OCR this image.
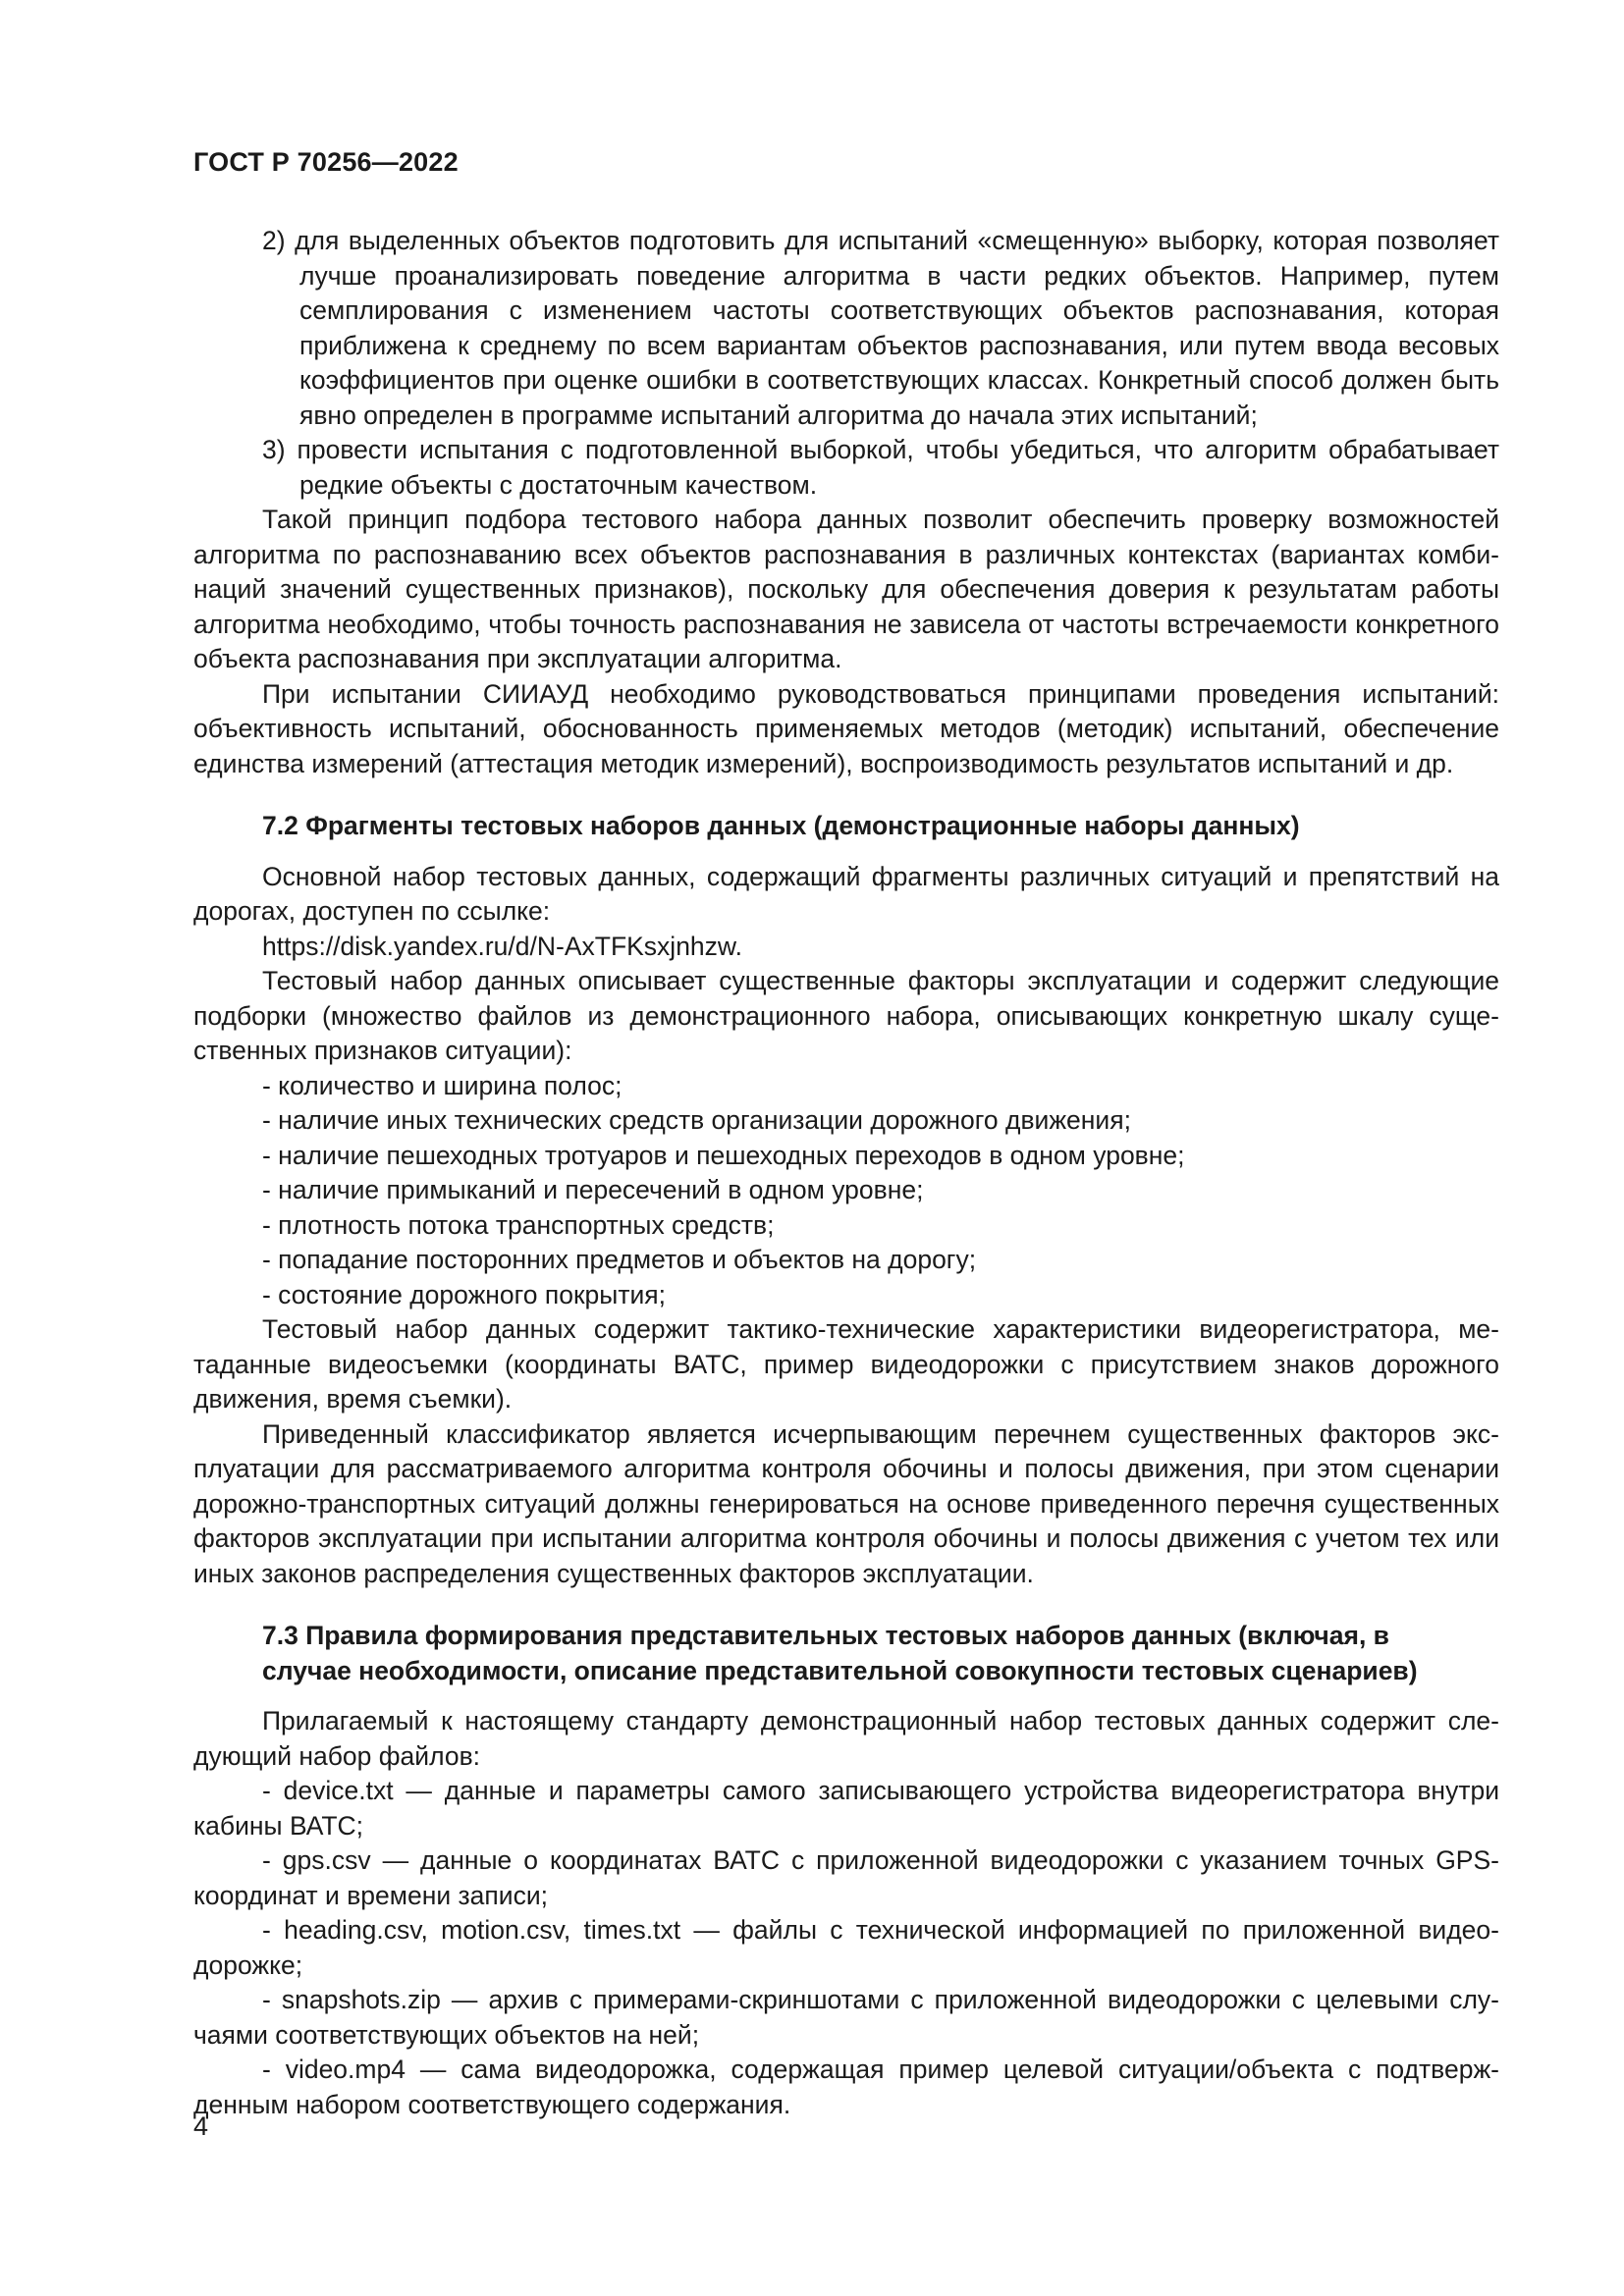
ГОСТ Р 70256—2022

2) для выделенных объектов подготовить для испытаний «смещенную» выборку, которая позволяет лучше проанализировать поведение алгоритма в части редких объектов. Например, путем семплирования с изменением частоты соответствующих объектов распознавания, которая приближена к среднему по всем вариантам объектов распознавания, или путем ввода весовых коэффициентов при оценке ошибки в соответствующих классах. Конкретный способ должен быть явно определен в программе испытаний алгоритма до начала этих испытаний;

3) провести испытания с подготовленной выборкой, чтобы убедиться, что алгоритм обрабатывает редкие объекты с достаточным качеством.

Такой принцип подбора тестового набора данных позволит обеспечить проверку возможностей алгоритма по распознаванию всех объектов распознавания в различных контекстах (вариантах комбинаций значений существенных признаков), поскольку для обеспечения доверия к результатам работы алгоритма необходимо, чтобы точность распознавания не зависела от частоты встречаемости конкретного объекта распознавания при эксплуатации алгоритма.

При испытании СИИАУД необходимо руководствоваться принципами проведения испытаний: объективность испытаний, обоснованность применяемых методов (методик) испытаний, обеспечение единства измерений (аттестация методик измерений), воспроизводимость результатов испытаний и др.

7.2 Фрагменты тестовых наборов данных (демонстрационные наборы данных)

Основной набор тестовых данных, содержащий фрагменты различных ситуаций и препятствий на дорогах, доступен по ссылке:

https://disk.yandex.ru/d/N-AxTFKsxjnhzw.

Тестовый набор данных описывает существенные факторы эксплуатации и содержит следующие подборки (множество файлов из демонстрационного набора, описывающих конкретную шкалу существенных признаков ситуации):

- количество и ширина полос;

- наличие иных технических средств организации дорожного движения;

- наличие пешеходных тротуаров и пешеходных переходов в одном уровне;

- наличие примыканий и пересечений в одном уровне;

- плотность потока транспортных средств;

- попадание посторонних предметов и объектов на дорогу;

- состояние дорожного покрытия;

Тестовый набор данных содержит тактико-технические характеристики видеорегистратора, метаданные видеосъемки (координаты ВАТС, пример видеодорожки с присутствием знаков дорожного движения, время съемки).

Приведенный классификатор является исчерпывающим перечнем существенных факторов эксплуатации для рассматриваемого алгоритма контроля обочины и полосы движения, при этом сценарии дорожно-транспортных ситуаций должны генерироваться на основе приведенного перечня существенных факторов эксплуатации при испытании алгоритма контроля обочины и полосы движения с учетом тех или иных законов распределения существенных факторов эксплуатации.

7.3 Правила формирования представительных тестовых наборов данных (включая, в
случае необходимости, описание представительной совокупности тестовых сценариев)

Прилагаемый к настоящему стандарту демонстрационный набор тестовых данных содержит следующий набор файлов:

- device.txt — данные и параметры самого записывающего устройства видеорегистратора внутри кабины ВАТС;

- gps.csv — данные о координатах ВАТС с приложенной видеодорожки с указанием точных GPS-координат и времени записи;

- heading.csv, motion.csv, times.txt — файлы с технической информацией по приложенной видеодорожке;

- snapshots.zip — архив с примерами-скриншотами с приложенной видеодорожки с целевыми случаями соответствующих объектов на ней;

- video.mp4 — сама видеодорожка, содержащая пример целевой ситуации/объекта с подтвержденным набором соответствующего содержания.

4
